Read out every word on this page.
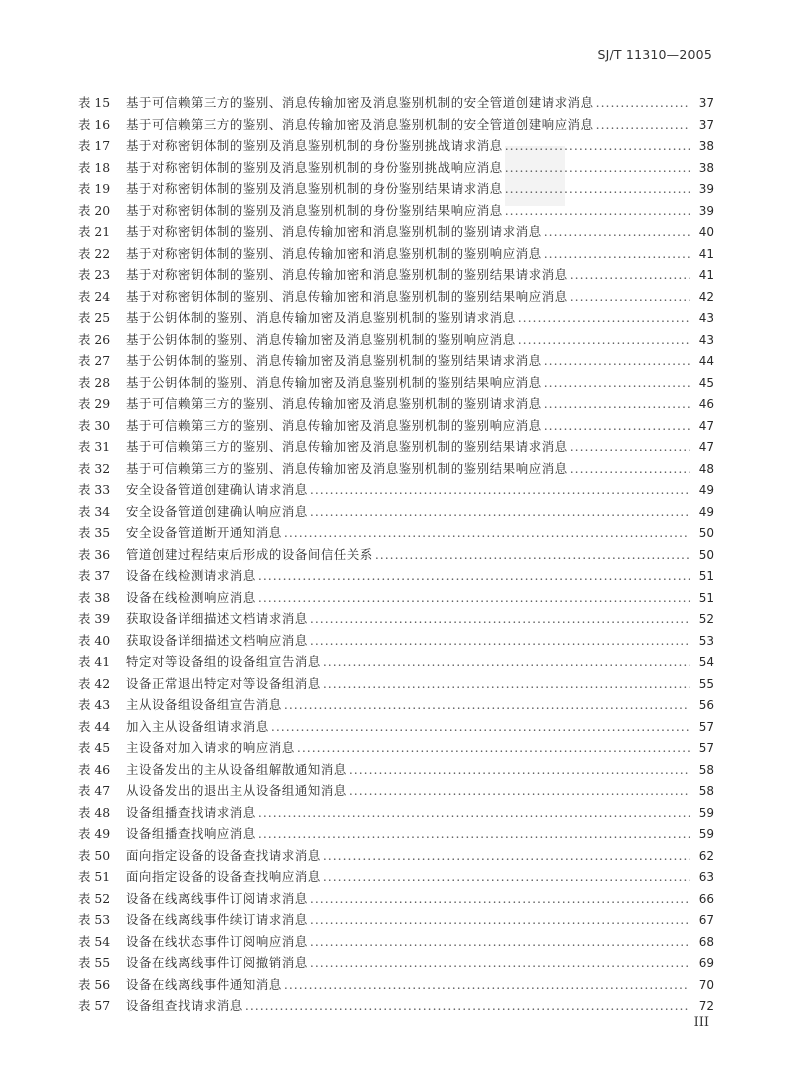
SJ/T 11310—2005
表 15	基于可信赖第三方的鉴别、消息传输加密及消息鉴别机制的安全管道创建请求消息 .....	37
表 16	基于可信赖第三方的鉴别、消息传输加密及消息鉴别机制的安全管道创建响应消息 .....	37
表 17	基于对称密钥体制的鉴别及消息鉴别机制的身份鉴别挑战请求消息 .....	38
表 18	基于对称密钥体制的鉴别及消息鉴别机制的身份鉴别挑战响应消息 .....	38
表 19	基于对称密钥体制的鉴别及消息鉴别机制的身份鉴别结果请求消息 .....	39
表 20	基于对称密钥体制的鉴别及消息鉴别机制的身份鉴别结果响应消息 .....	39
表 21	基于对称密钥体制的鉴别、消息传输加密和消息鉴别机制的鉴别请求消息 .....	40
表 22	基于对称密钥体制的鉴别、消息传输加密和消息鉴别机制的鉴别响应消息 .....	41
表 23	基于对称密钥体制的鉴别、消息传输加密和消息鉴别机制的鉴别结果请求消息 .....	41
表 24	基于对称密钥体制的鉴别、消息传输加密和消息鉴别机制的鉴别结果响应消息 .....	42
表 25	基于公钥体制的鉴别、消息传输加密及消息鉴别机制的鉴别请求消息 .....	43
表 26	基于公钥体制的鉴别、消息传输加密及消息鉴别机制的鉴别响应消息 .....	43
表 27	基于公钥体制的鉴别、消息传输加密及消息鉴别机制的鉴别结果请求消息 .....	44
表 28	基于公钥体制的鉴别、消息传输加密及消息鉴别机制的鉴别结果响应消息 .....	45
表 29	基于可信赖第三方的鉴别、消息传输加密及消息鉴别机制的鉴别请求消息 .....	46
表 30	基于可信赖第三方的鉴别、消息传输加密及消息鉴别机制的鉴别响应消息 .....	47
表 31	基于可信赖第三方的鉴别、消息传输加密及消息鉴别机制的鉴别结果请求消息 .....	47
表 32	基于可信赖第三方的鉴别、消息传输加密及消息鉴别机制的鉴别结果响应消息 .....	48
表 33	安全设备管道创建确认请求消息 .....	49
表 34	安全设备管道创建确认响应消息 .....	49
表 35	安全设备管道断开通知消息 .....	50
表 36	管道创建过程结束后形成的设备间信任关系 .....	50
表 37	设备在线检测请求消息 .....	51
表 38	设备在线检测响应消息 .....	51
表 39	获取设备详细描述文档请求消息 .....	52
表 40	获取设备详细描述文档响应消息 .....	53
表 41	特定对等设备组的设备组宣告消息 .....	54
表 42	设备正常退出特定对等设备组消息 .....	55
表 43	主从设备组设备组宣告消息 .....	56
表 44	加入主从设备组请求消息 .....	57
表 45	主设备对加入请求的响应消息 .....	57
表 46	主设备发出的主从设备组解散通知消息 .....	58
表 47	从设备发出的退出主从设备组通知消息 .....	58
表 48	设备组播查找请求消息 .....	59
表 49	设备组播查找响应消息 .....	59
表 50	面向指定设备的设备查找请求消息 .....	62
表 51	面向指定设备的设备查找响应消息 .....	63
表 52	设备在线离线事件订阅请求消息 .....	66
表 53	设备在线离线事件续订请求消息 .....	67
表 54	设备在线状态事件订阅响应消息 .....	68
表 55	设备在线离线事件订阅撤销消息 .....	69
表 56	设备在线离线事件通知消息 .....	70
表 57	设备组查找请求消息 .....	72
III
